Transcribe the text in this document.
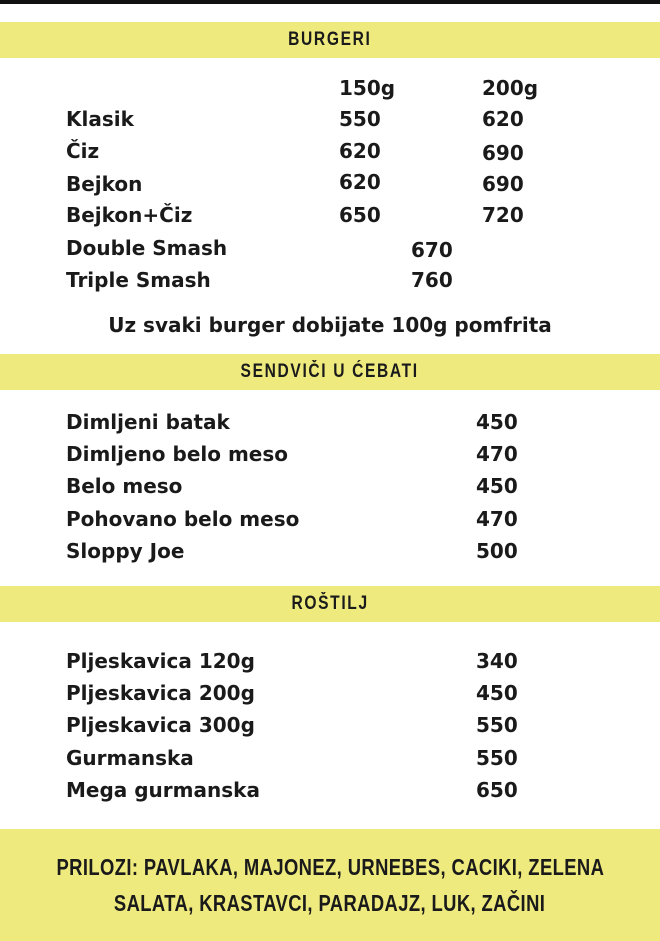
BURGERI
150g	200g
Klasik	550	620
Čiz	620	690
Bejkon	620	690
Bejkon+Čiz	650	720
Double Smash	670
Triple Smash	760
Uz svaki burger dobijate 100g pomfrita
SENDVIČI U ĆEBATI
Dimljeni batak	450
Dimljeno belo meso	470
Belo meso	450
Pohovano belo meso	470
Sloppy Joe	500
ROŠTILJ
Pljeskavica 120g	340
Pljeskavica 200g	450
Pljeskavica 300g	550
Gurmanska	550
Mega gurmanska	650
PRILOZI: PAVLAKA, MAJONEZ, URNEBES, CACIKI, ZELENA
SALATA, KRASTAVCI, PARADAJZ, LUK, ZAČINI
